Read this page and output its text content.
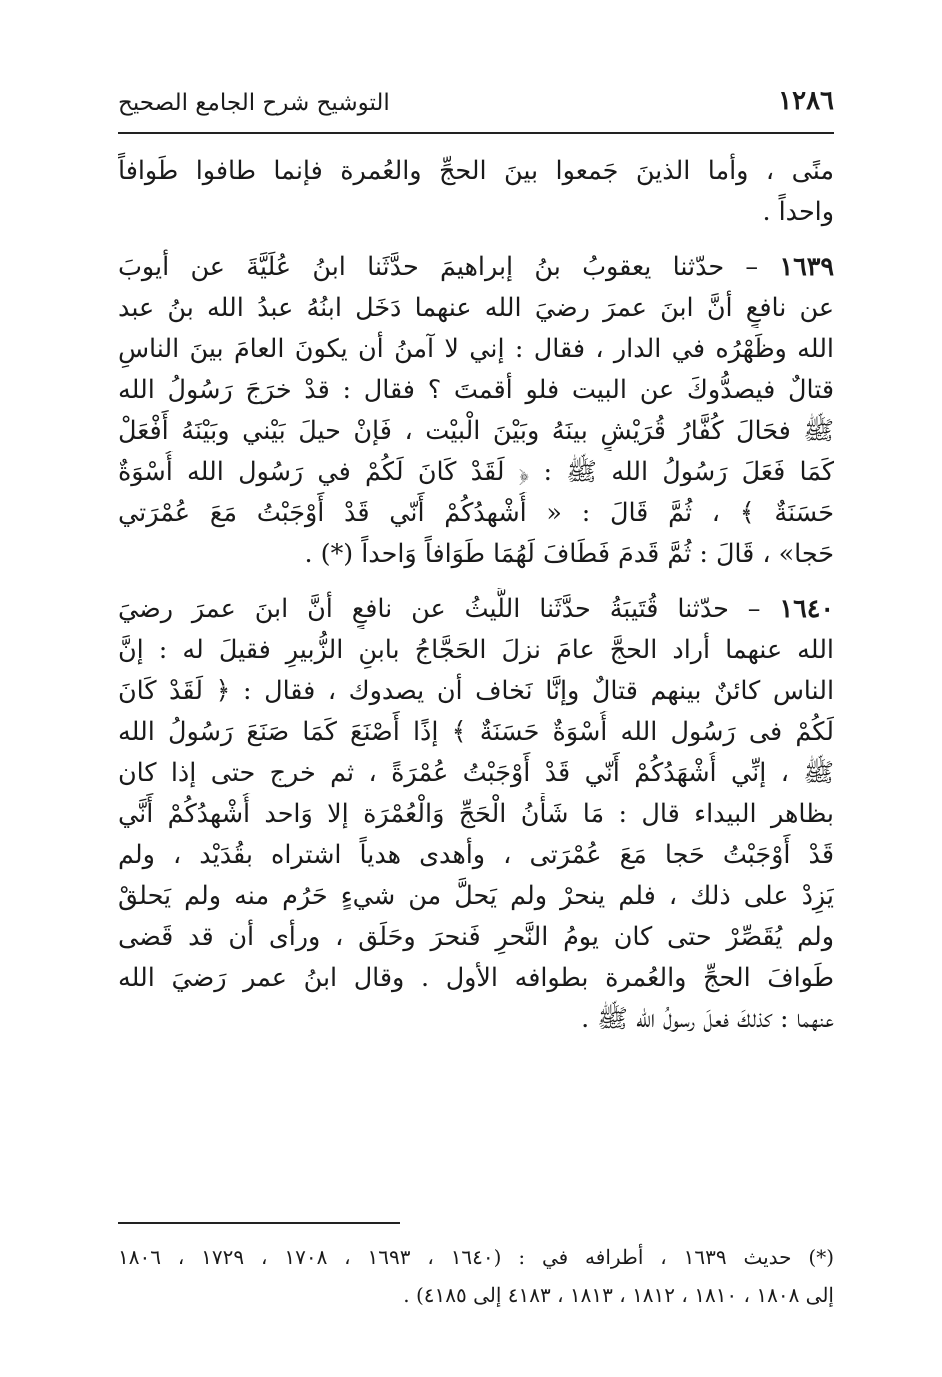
١٢٨٦
التوشيح شرح الجامع الصحيح

منًى ، وأما الذينَ جَمعوا بينَ الحجِّ والعُمرة فإنما طافوا طَوافاً
واحداً .

١٦٣٩ – حدّثنا يعقوبُ بنُ إبراهيمَ حدَّثَنا ابنُ عُلَيَّةَ عن أيوبَ
عن نافعٍ أنَّ ابنَ عمرَ رضيَ الله عنهما دَخَل ابنُهُ عبدُ الله بنُ عبد
الله وظَهْرُه في الدار ، فقال : إني لا آمنُ أن يكونَ العامَ بينَ الناسِ
قتالٌ فيصدُّوكَ عن البيت فلو أقمتَ ؟ فقال : قدْ خرَجَ رَسُولُ الله
ﷺ فحَالَ كُفَّارُ قُرَيْشٍ بينَهُ وبَيْنَ الْبيْت ، فَإنْ حيلَ بَيْني وبَيْنَهُ أَفْعَلْ
كَمَا فَعَلَ رَسُولُ الله ﷺ : ﴿ لَقَدْ كَانَ لَكُمْ في رَسُول الله أُسْوَةٌ
حَسَنَةٌ ﴾ ، ثُمَّ قَالَ : « أُشْهدُكُمْ أَنّي قَدْ أَوْجَبْتُ مَعَ عُمْرَتي
حَجا» ، قَالَ : ثُمَّ قَدمَ فَطَافَ لَهُمَا طَوَافاً وَاحداً (*) .

١٦٤٠ – حدّثنا قُتَيبَةُ حدَّثَنا اللَّيثُ عن نافعٍ أنَّ ابنَ عمرَ رضيَ
الله عنهما أراد الحجَّ عامَ نزلَ الحَجَّاجُ بابنِ الزُّبيرِ فقيلَ له : إنَّ
الناس كائنٌ بينهم قتالٌ وإنَّا نَخاف أن يصدوك ، فقال : ﴿ لَقَدْ كَانَ
لَكُمْ فى رَسُول الله أُسْوَةٌ حَسَنَةٌ ﴾ إذًا أَصْنَعَ كَمَا صَنَعَ رَسُولُ الله
ﷺ ، إنِّي أُشْهَدُكُمْ أَنّي قَدْ أَوْجَبْتُ عُمْرَةً ، ثم خرج حتى إذا كان
بظاهر البيداء قال : مَا شَأْنُ الْحَجِّ وَالْعُمْرَة إلا وَاحد أُشْهدُكُمْ أَنَّي
قَدْ أَوْجَبْتُ حَجا مَعَ عُمْرَتى ، وأهدى هدياً اشتراه بقُدَيْد ، ولم
يَزِدْ على ذلك ، فلم ينحرْ ولم يَحلَّ من شيءٍ حَرُم منه ولم يَحلقْ
ولم يُقَصِّرْ حتى كان يومُ النَّحرِ فَنحرَ وحَلَق ، ورأى أن قد قَضى
طَوافَ الحجِّ والعُمرة بطوافه الأول . وقال ابنُ عمر رَضيَ الله
عنهما : كذلكَ فعلَ رسولُ الله ﷺ .

(*) حديث ١٦٣٩ ، أطرافه في : (١٦٤٠ ، ١٦٩٣ ، ١٧٠٨ ، ١٧٢٩ ، ١٨٠٦
إلى ١٨٠٨ ، ١٨١٠ ، ١٨١٢ ، ١٨١٣ ، ٤١٨٣ إلى ٤١٨٥) .
